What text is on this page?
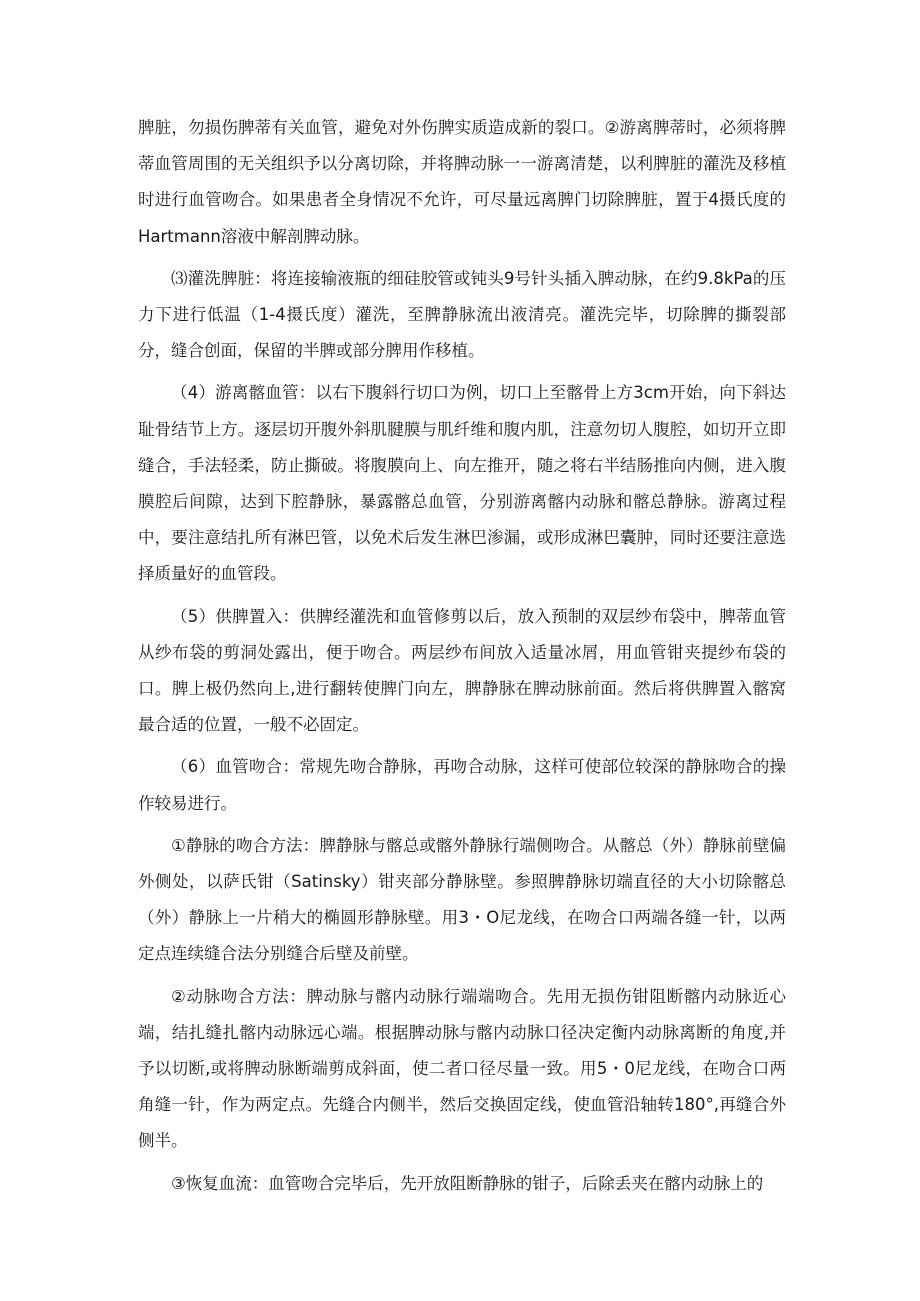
脾脏，勿损伤脾蒂有关血管，避免对外伤脾实质造成新的裂口。②游离脾蒂时，必须将脾蒂血管周围的无关组织予以分离切除，并将脾动脉一一游离清楚，以利脾脏的灌洗及移植时进行血管吻合。如果患者全身情况不允许，可尽量远离脾门切除脾脏，置于4摄氏度的Hartmann溶液中解剖脾动脉。

⑶灌洗脾脏：将连接输液瓶的细硅胶管或钝头9号针头插入脾动脉，在约9.8kPa的压力下进行低温（1-4摄氏度）灌洗，至脾静脉流出液清亮。灌洗完毕，切除脾的撕裂部分，缝合创面，保留的半脾或部分脾用作移植。

（4）游离髂血管：以右下腹斜行切口为例，切口上至髂骨上方3cm开始，向下斜达耻骨结节上方。逐层切开腹外斜肌腱膜与肌纤维和腹内肌，注意勿切人腹腔，如切开立即缝合，手法轻柔，防止撕破。将腹膜向上、向左推开，随之将右半结肠推向内侧，进入腹膜腔后间隙，达到下腔静脉，暴露髂总血管，分别游离髂内动脉和髂总静脉。游离过程中，要注意结扎所有淋巴管，以免术后发生淋巴渗漏，或形成淋巴囊肿，同时还要注意选择质量好的血管段。

（5）供脾置入：供脾经灌洗和血管修剪以后，放入预制的双层纱布袋中，脾蒂血管从纱布袋的剪洞处露出，便于吻合。两层纱布间放入适量冰屑，用血管钳夹提纱布袋的口。脾上极仍然向上,进行翻转使脾门向左，脾静脉在脾动脉前面。然后将供脾置入髂窝最合适的位置，一般不必固定。

（6）血管吻合：常规先吻合静脉，再吻合动脉，这样可使部位较深的静脉吻合的操作较易进行。

①静脉的吻合方法：脾静脉与髂总或髂外静脉行端侧吻合。从髂总（外）静脉前壁偏外侧处，以萨氏钳（Satinsky）钳夹部分静脉壁。参照脾静脉切端直径的大小切除髂总（外）静脉上一片稍大的椭圆形静脉壁。用3・O尼龙线，在吻合口两端各缝一针，以两定点连续缝合法分别缝合后壁及前壁。

②动脉吻合方法：脾动脉与髂内动脉行端端吻合。先用无损伤钳阻断髂内动脉近心端，结扎缝扎髂内动脉远心端。根据脾动脉与髂内动脉口径决定衡内动脉离断的角度,并予以切断,或将脾动脉断端剪成斜面，使二者口径尽量一致。用5・0尼龙线，在吻合口两角缝一针，作为两定点。先缝合内侧半，然后交换固定线，使血管沿轴转180°,再缝合外侧半。

③恢复血流：血管吻合完毕后，先开放阻断静脉的钳子，后除丢夹在髂内动脉上的
